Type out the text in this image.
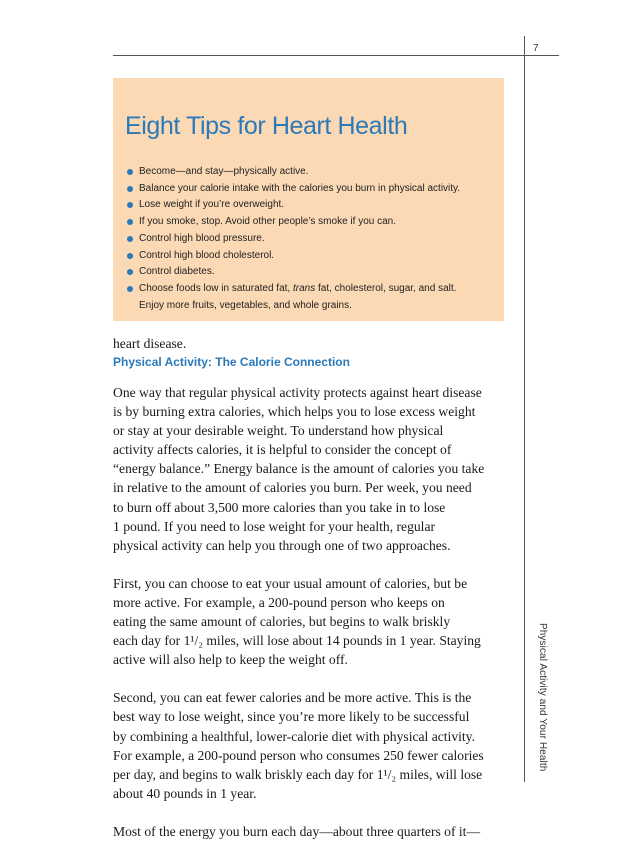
7
Physical Activity and Your Health
Eight Tips for Heart Health
Become—and stay—physically active.
Balance your calorie intake with the calories you burn in physical activity.
Lose weight if you’re overweight.
If you smoke, stop. Avoid other people’s smoke if you can.
Control high blood pressure.
Control high blood cholesterol.
Control diabetes.
Choose foods low in saturated fat, trans fat, cholesterol, sugar, and salt.
Enjoy more fruits, vegetables, and whole grains.
heart disease.
Physical Activity: The Calorie Connection

One way that regular physical activity protects against heart disease
is by burning extra calories, which helps you to lose excess weight
or stay at your desirable weight. To understand how physical
activity affects calories, it is helpful to consider the concept of
“energy balance.” Energy balance is the amount of calories you take
in relative to the amount of calories you burn. Per week, you need
to burn off about 3,500 more calories than you take in to lose
1 pound. If you need to lose weight for your health, regular
physical activity can help you through one of two approaches.

First, you can choose to eat your usual amount of calories, but be
more active. For example, a 200-pound person who keeps on
eating the same amount of calories, but begins to walk briskly
each day for 1¹/₂ miles, will lose about 14 pounds in 1 year. Staying
active will also help to keep the weight off.

Second, you can eat fewer calories and be more active. This is the
best way to lose weight, since you’re more likely to be successful
by combining a healthful, lower-calorie diet with physical activity.
For example, a 200-pound person who consumes 250 fewer calories
per day, and begins to walk briskly each day for 1¹/₂ miles, will lose
about 40 pounds in 1 year.

Most of the energy you burn each day—about three quarters of it—
